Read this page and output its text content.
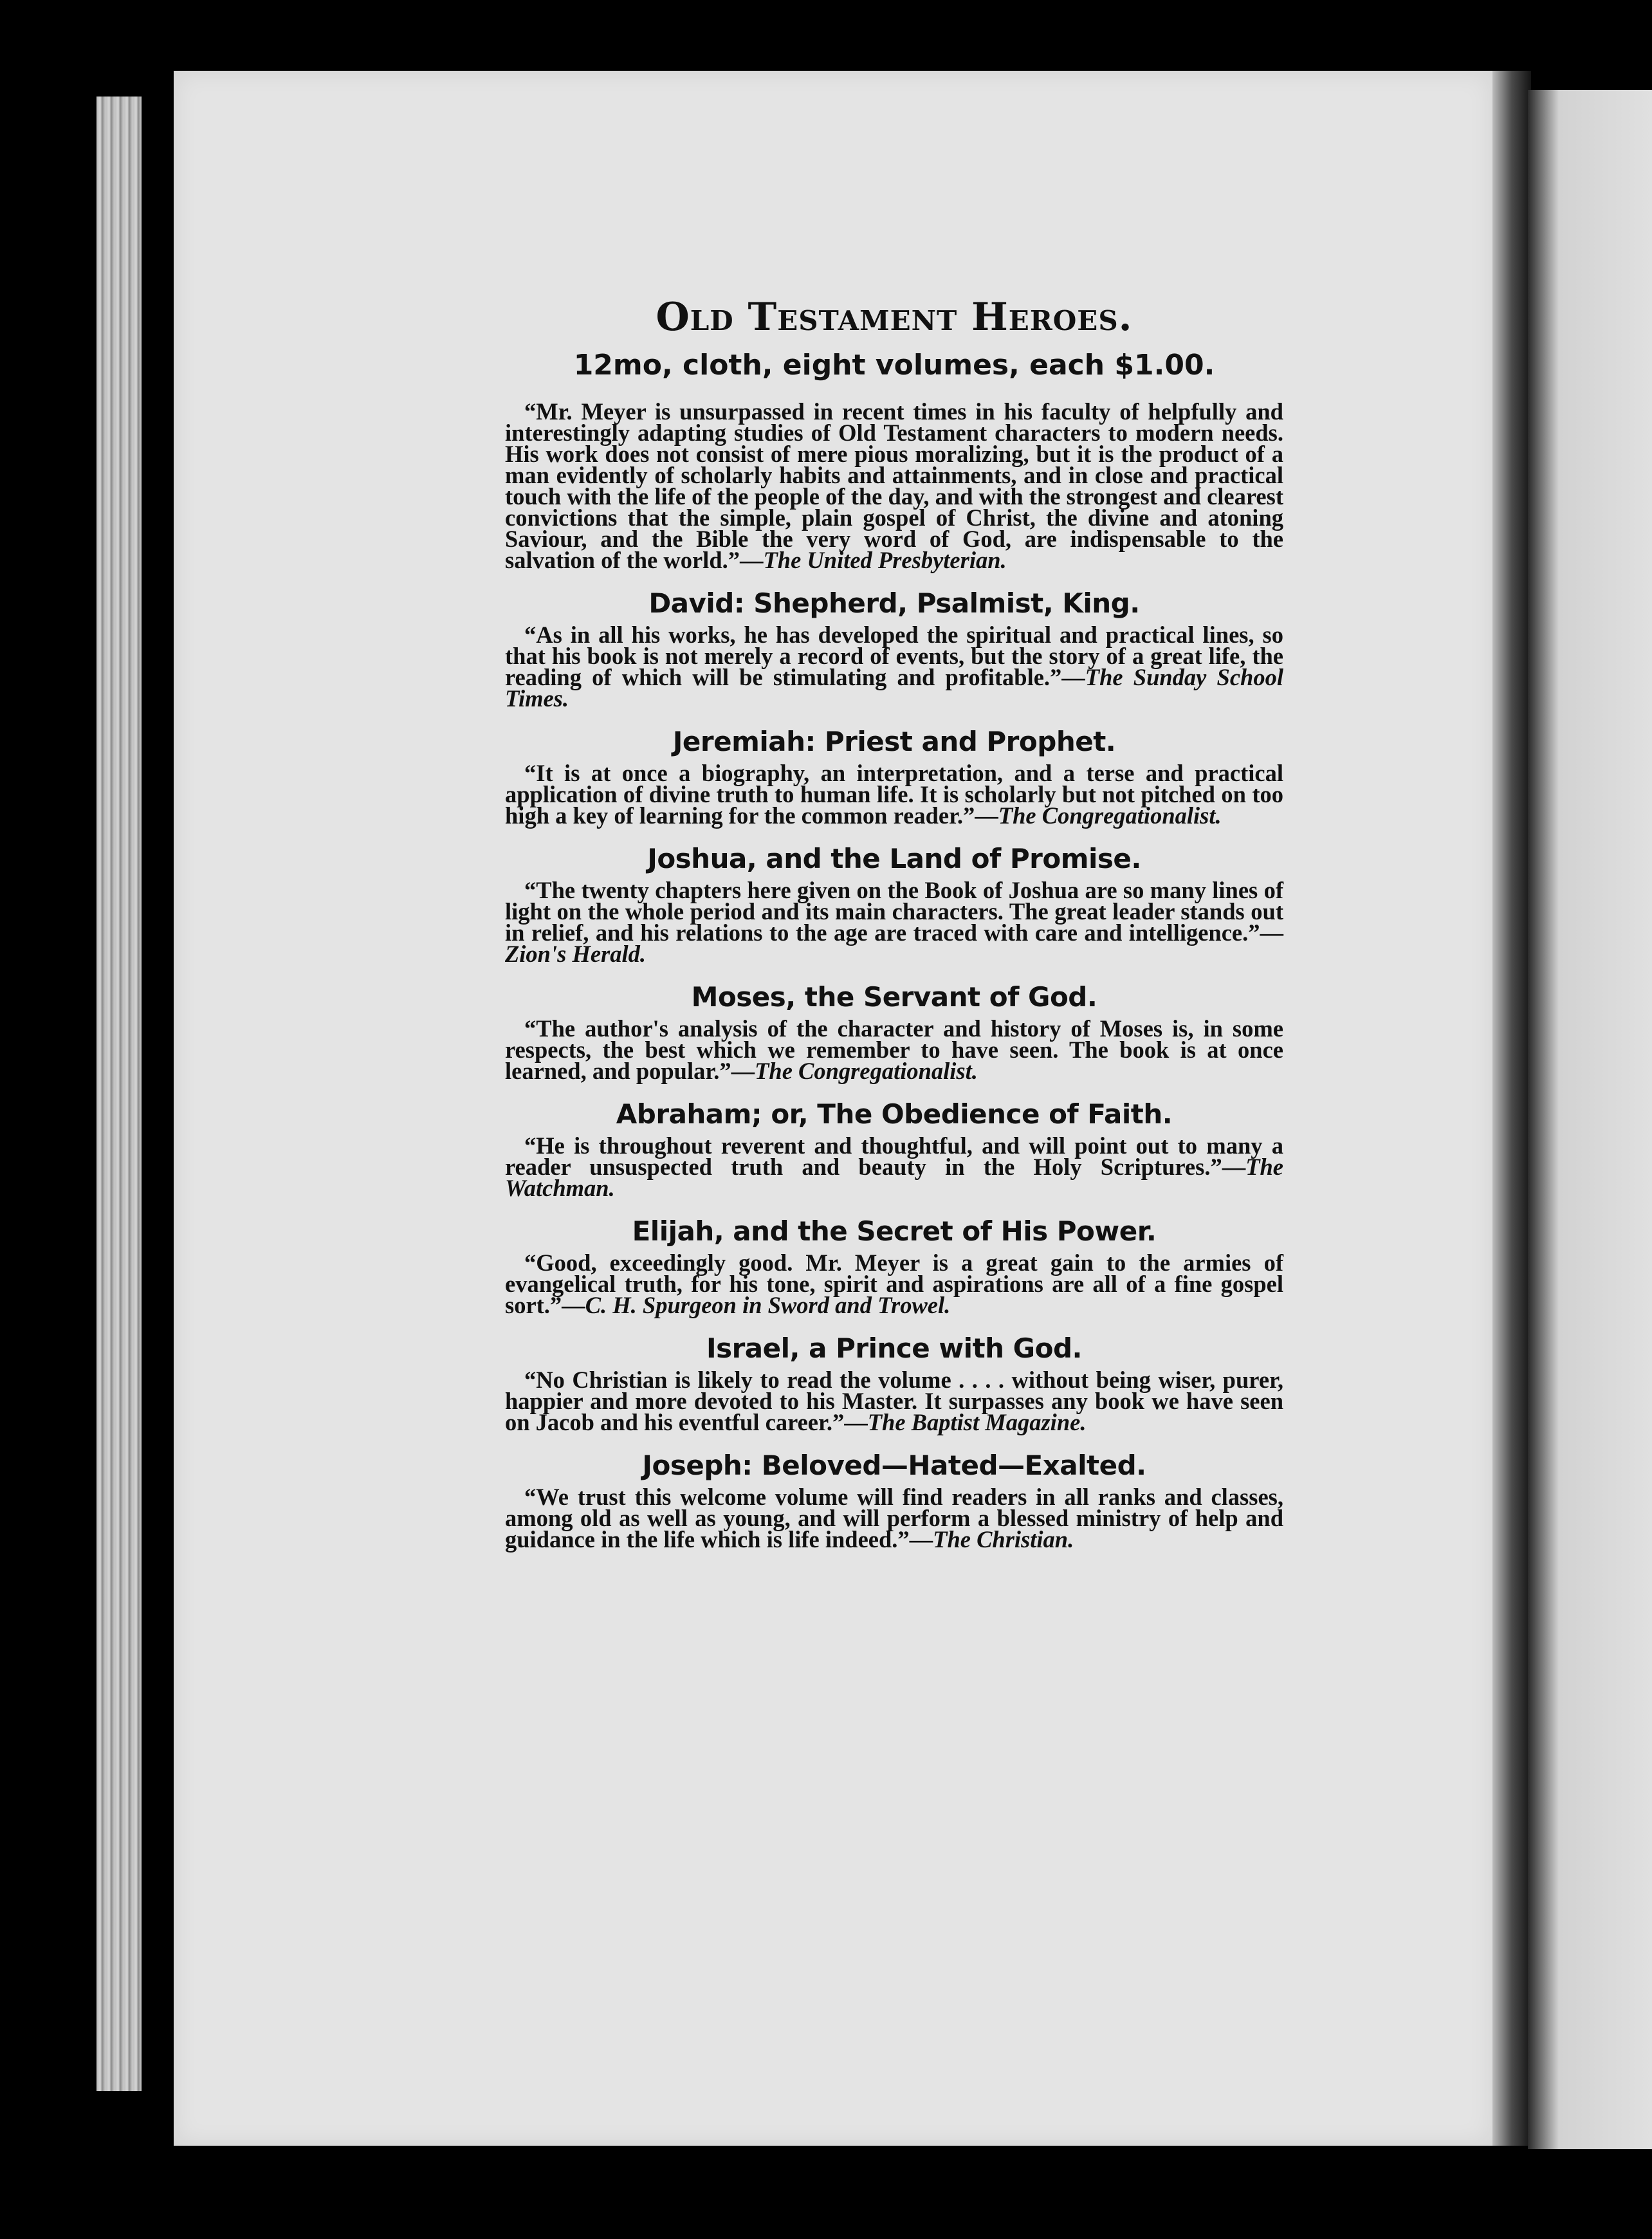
Old Testament Heroes.
12mo, cloth, eight volumes, each $1.00.

“Mr. Meyer is unsurpassed in recent times in his faculty of helpfully and interestingly adapting studies of Old Testament characters to modern needs. His work does not consist of mere pious moralizing, but it is the product of a man evidently of scholarly habits and attainments, and in close and practical touch with the life of the people of the day, and with the strongest and clearest convictions that the simple, plain gospel of Christ, the divine and atoning Saviour, and the Bible the very word of God, are indispensable to the salvation of the world.”—The United Presbyterian.

David: Shepherd, Psalmist, King.

“As in all his works, he has developed the spiritual and practical lines, so that his book is not merely a record of events, but the story of a great life, the reading of which will be stimulating and profitable.”—The Sunday School Times.

Jeremiah: Priest and Prophet.

“It is at once a biography, an interpretation, and a terse and practical application of divine truth to human life. It is scholarly but not pitched on too high a key of learning for the common reader.”—The Congregationalist.

Joshua, and the Land of Promise.

“The twenty chapters here given on the Book of Joshua are so many lines of light on the whole period and its main characters. The great leader stands out in relief, and his relations to the age are traced with care and intelligence.”—Zion's Herald.

Moses, the Servant of God.

“The author's analysis of the character and history of Moses is, in some respects, the best which we remember to have seen. The book is at once learned, and popular.”—The Congregationalist.

Abraham; or, The Obedience of Faith.

“He is throughout reverent and thoughtful, and will point out to many a reader unsuspected truth and beauty in the Holy Scriptures.”—The Watchman.

Elijah, and the Secret of His Power.

“Good, exceedingly good. Mr. Meyer is a great gain to the armies of evangelical truth, for his tone, spirit and aspirations are all of a fine gospel sort.”—C. H. Spurgeon in Sword and Trowel.

Israel, a Prince with God.

“No Christian is likely to read the volume . . . . without being wiser, purer, happier and more devoted to his Master. It surpasses any book we have seen on Jacob and his eventful career.”—The Baptist Magazine.

Joseph: Beloved—Hated—Exalted.

“We trust this welcome volume will find readers in all ranks and classes, among old as well as young, and will perform a blessed ministry of help and guidance in the life which is life indeed.”—The Christian.
